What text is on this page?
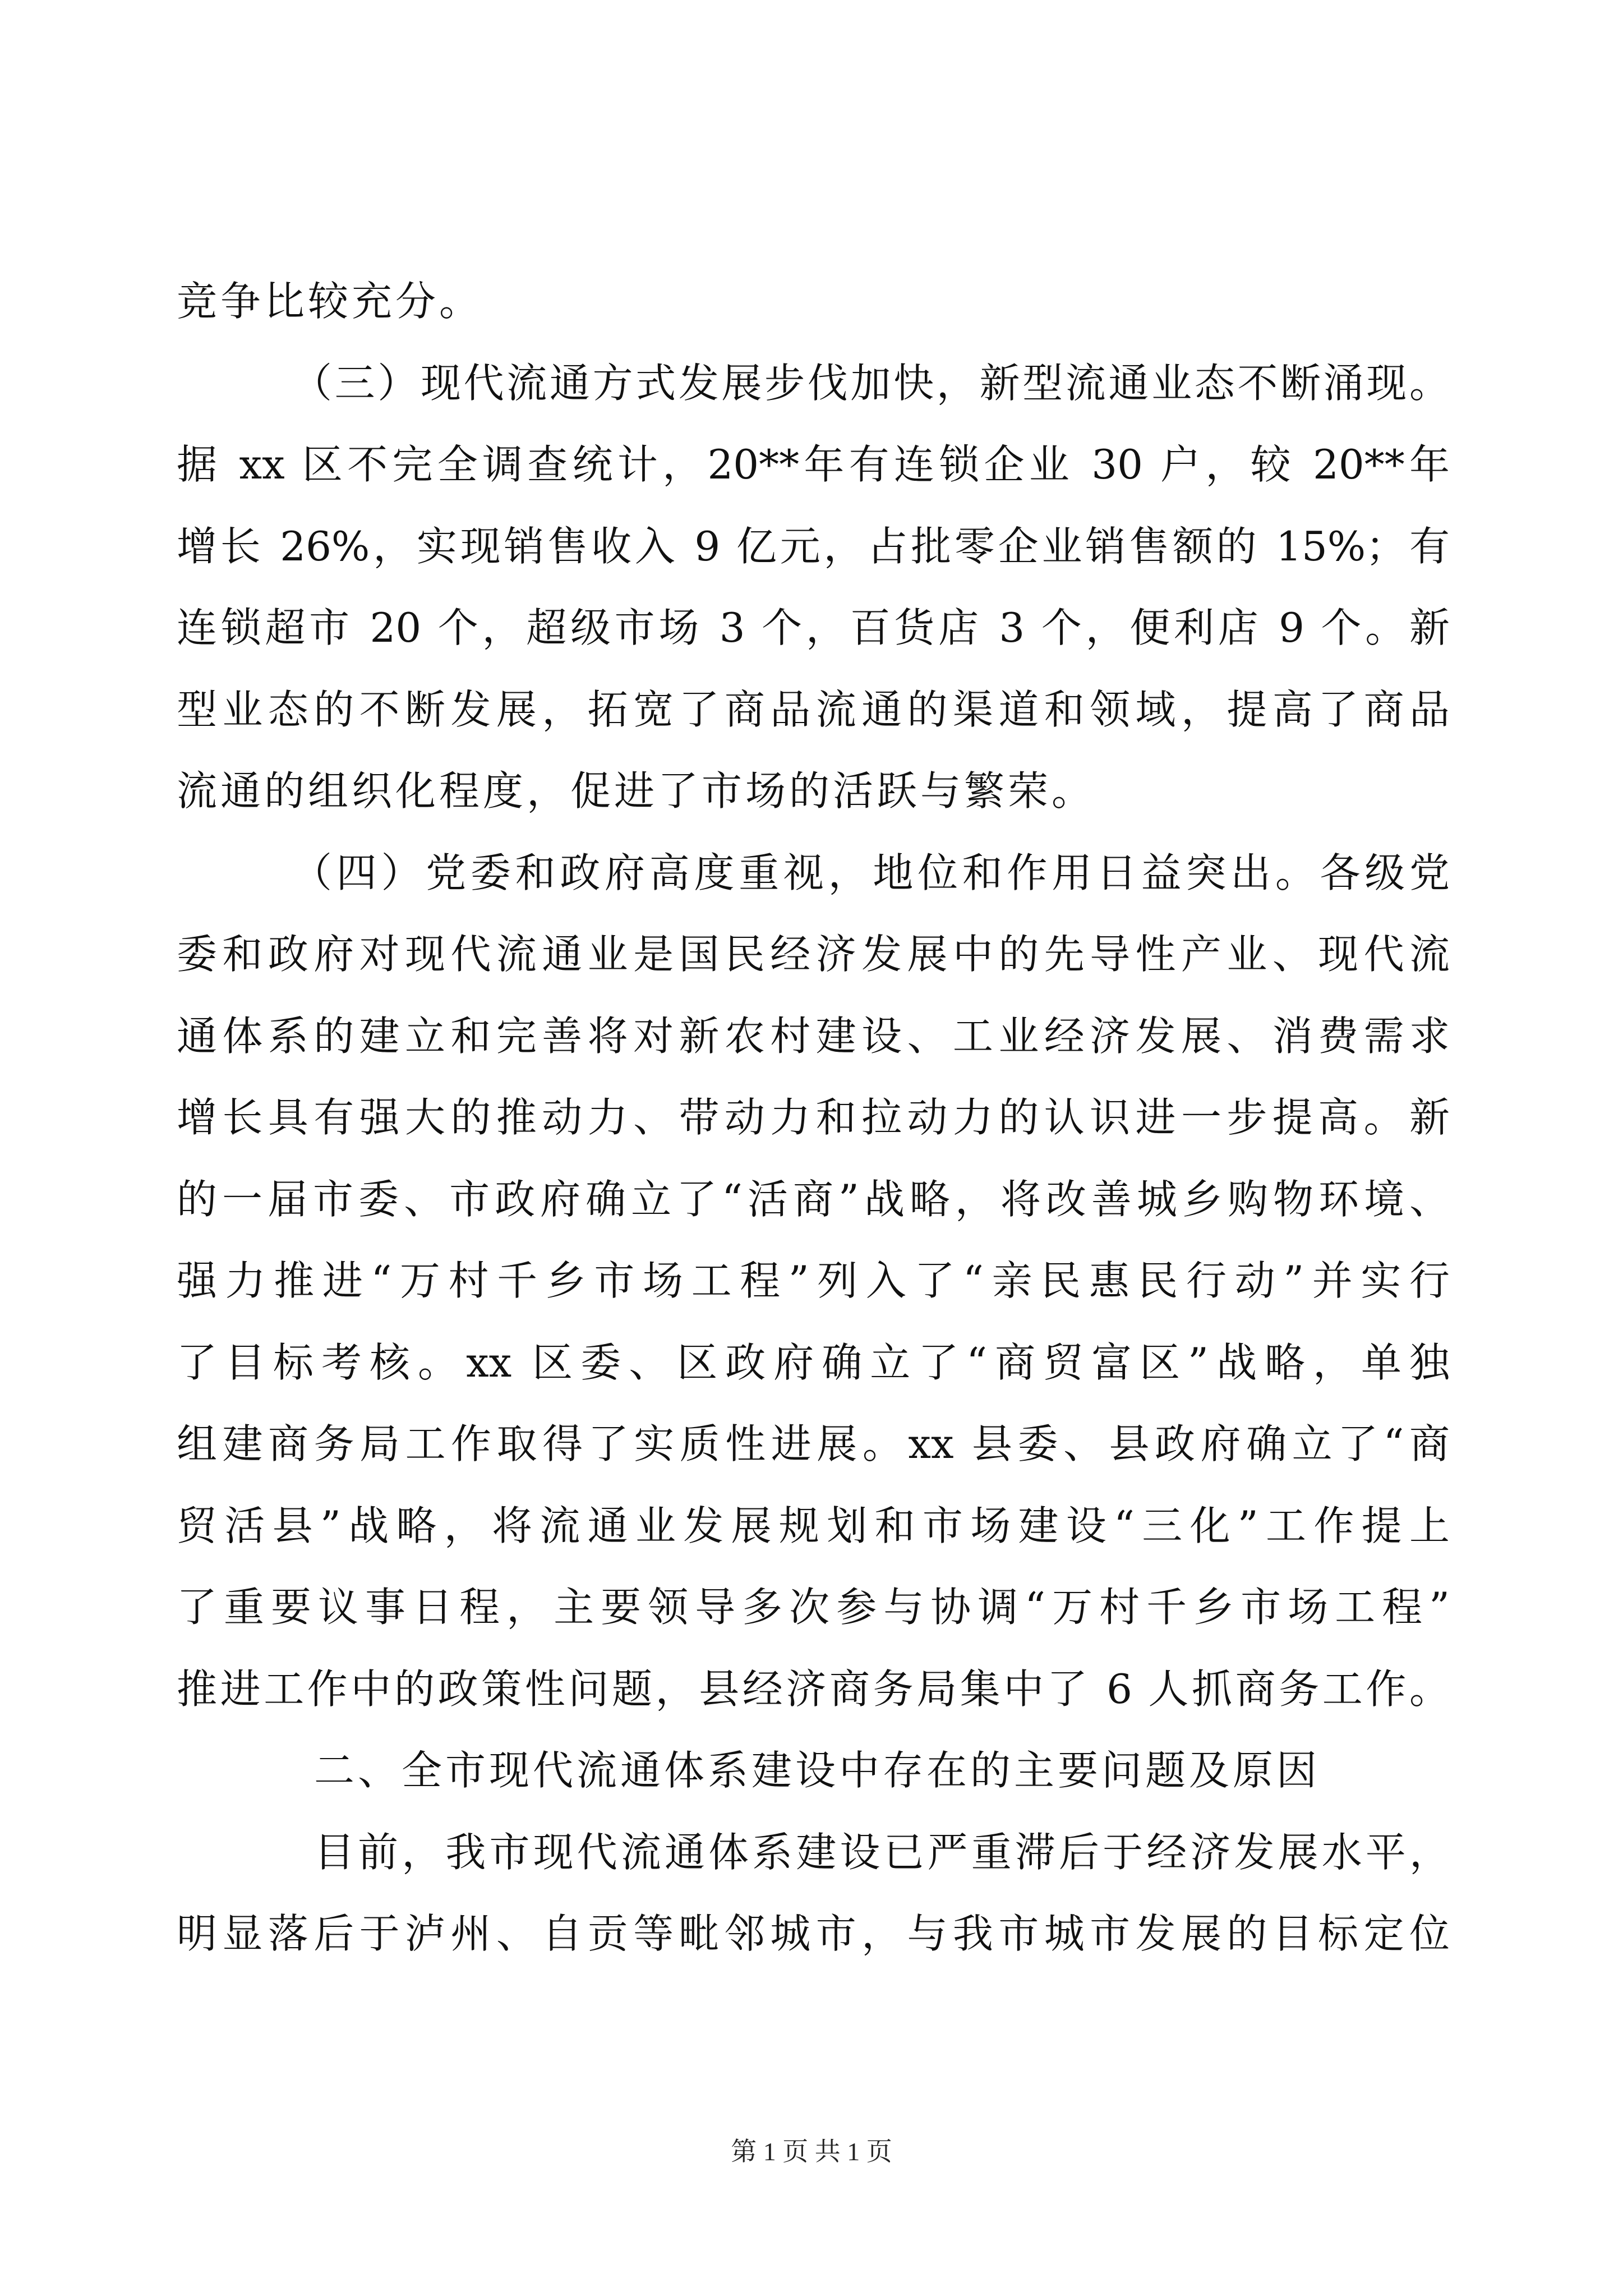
竞争比较充分。
（三）现代流通方式发展步伐加快，新型流通业态不断涌现。
据 xx 区不完全调查统计，20**年有连锁企业 30 户，较 20**年
增长 26%，实现销售收入 9 亿元，占批零企业销售额的 15%；有
连锁超市 20 个，超级市场 3 个，百货店 3 个，便利店 9 个。新
型业态的不断发展，拓宽了商品流通的渠道和领域，提高了商品
流通的组织化程度，促进了市场的活跃与繁荣。
（四）党委和政府高度重视，地位和作用日益突出。各级党
委和政府对现代流通业是国民经济发展中的先导性产业、现代流
通体系的建立和完善将对新农村建设、工业经济发展、消费需求
增长具有强大的推动力、带动力和拉动力的认识进一步提高。新
的一届市委、市政府确立了“活商”战略，将改善城乡购物环境、
强力推进“万村千乡市场工程”列入了“亲民惠民行动”并实行
了目标考核。xx 区委、区政府确立了“商贸富区”战略，单独
组建商务局工作取得了实质性进展。xx 县委、县政府确立了“商
贸活县”战略，将流通业发展规划和市场建设“三化”工作提上
了重要议事日程，主要领导多次参与协调“万村千乡市场工程”
推进工作中的政策性问题，县经济商务局集中了 6 人抓商务工作。
二、全市现代流通体系建设中存在的主要问题及原因
目前，我市现代流通体系建设已严重滞后于经济发展水平，
明显落后于泸州、自贡等毗邻城市，与我市城市发展的目标定位
第 1 页 共 1 页
